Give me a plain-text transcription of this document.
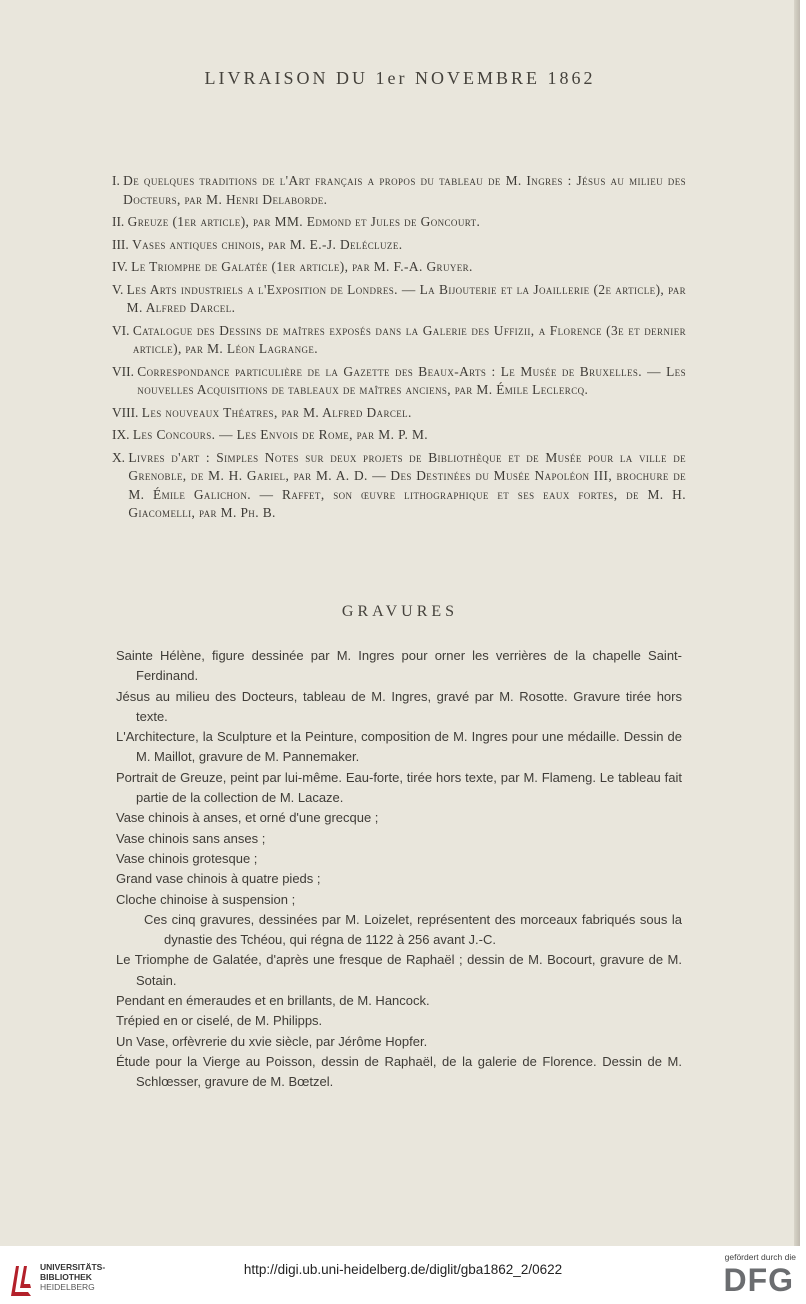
LIVRAISON DU 1er NOVEMBRE 1862
I. De quelques traditions de l'Art français a propos du tableau de M. Ingres : Jésus au milieu des Docteurs, par M. Henri Delaborde.
II. Greuze (1er article), par MM. Edmond et Jules de Goncourt.
III. Vases antiques chinois, par M. E.-J. Delécluze.
IV. Le Triomphe de Galatée (1er article), par M. F.-A. Gruyer.
V. Les Arts industriels a l'Exposition de Londres. — La Bijouterie et la Joaillerie (2e article), par M. Alfred Darcel.
VI. Catalogue des Dessins de maîtres exposés dans la Galerie des Uffizii, a Florence (3e et dernier article), par M. Léon Lagrange.
VII. Correspondance particulière de la Gazette des Beaux-Arts : Le Musée de Bruxelles. — Les nouvelles Acquisitions de tableaux de maîtres anciens, par M. Émile Leclercq.
VIII. Les nouveaux Théatres, par M. Alfred Darcel.
IX. Les Concours. — Les Envois de Rome, par M. P. M.
X. Livres d'art : Simples Notes sur deux projets de Bibliothèque et de Musée pour la ville de Grenoble, de M. H. Gariel, par M. A. D. — Des Destinées du Musée Napoléon III, brochure de M. Émile Galichon. — Raffet, son œuvre lithographique et ses eaux fortes, de M. H. Giacomelli, par M. Ph. B.
GRAVURES

Sainte Hélène, figure dessinée par M. Ingres pour orner les verrières de la chapelle Saint-Ferdinand.

Jésus au milieu des Docteurs, tableau de M. Ingres, gravé par M. Rosotte. Gravure tirée hors texte.

L'Architecture, la Sculpture et la Peinture, composition de M. Ingres pour une médaille. Dessin de M. Maillot, gravure de M. Pannemaker.

Portrait de Greuze, peint par lui-même. Eau-forte, tirée hors texte, par M. Flameng. Le tableau fait partie de la collection de M. Lacaze.

Vase chinois à anses, et orné d'une grecque ;

Vase chinois sans anses ;

Vase chinois grotesque ;

Grand vase chinois à quatre pieds ;

Cloche chinoise à suspension ;

Ces cinq gravures, dessinées par M. Loizelet, représentent des morceaux fabriqués sous la dynastie des Tchéou, qui régna de 1122 à 256 avant J.-C.

Le Triomphe de Galatée, d'après une fresque de Raphaël ; dessin de M. Bocourt, gravure de M. Sotain.

Pendant en émeraudes et en brillants, de M. Hancock.

Trépied en or ciselé, de M. Philipps.

Un Vase, orfèvrerie du xvie siècle, par Jérôme Hopfer.

Étude pour la Vierge au Poisson, dessin de Raphaël, de la galerie de Florence. Dessin de M. Schlœsser, gravure de M. Bœtzel.

UNIVERSITÄTS-
BIBLIOTHEK
HEIDELBERG
http://digi.ub.uni-heidelberg.de/diglit/gba1862_2/0622
gefördert durch die
DFG
